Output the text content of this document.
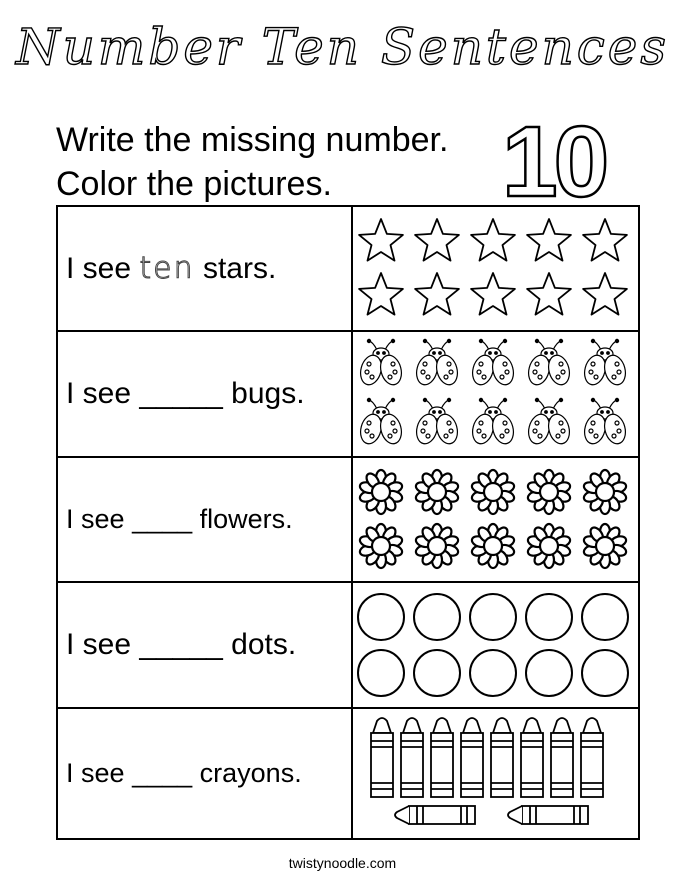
Number Ten Sentences
Write the missing number.
Color the pictures.	10
I see ten stars.	

I see _____ bugs.	

I see ____ flowers.	

I see _____ dots.	

I see ____ crayons.	
twistynoodle.com
